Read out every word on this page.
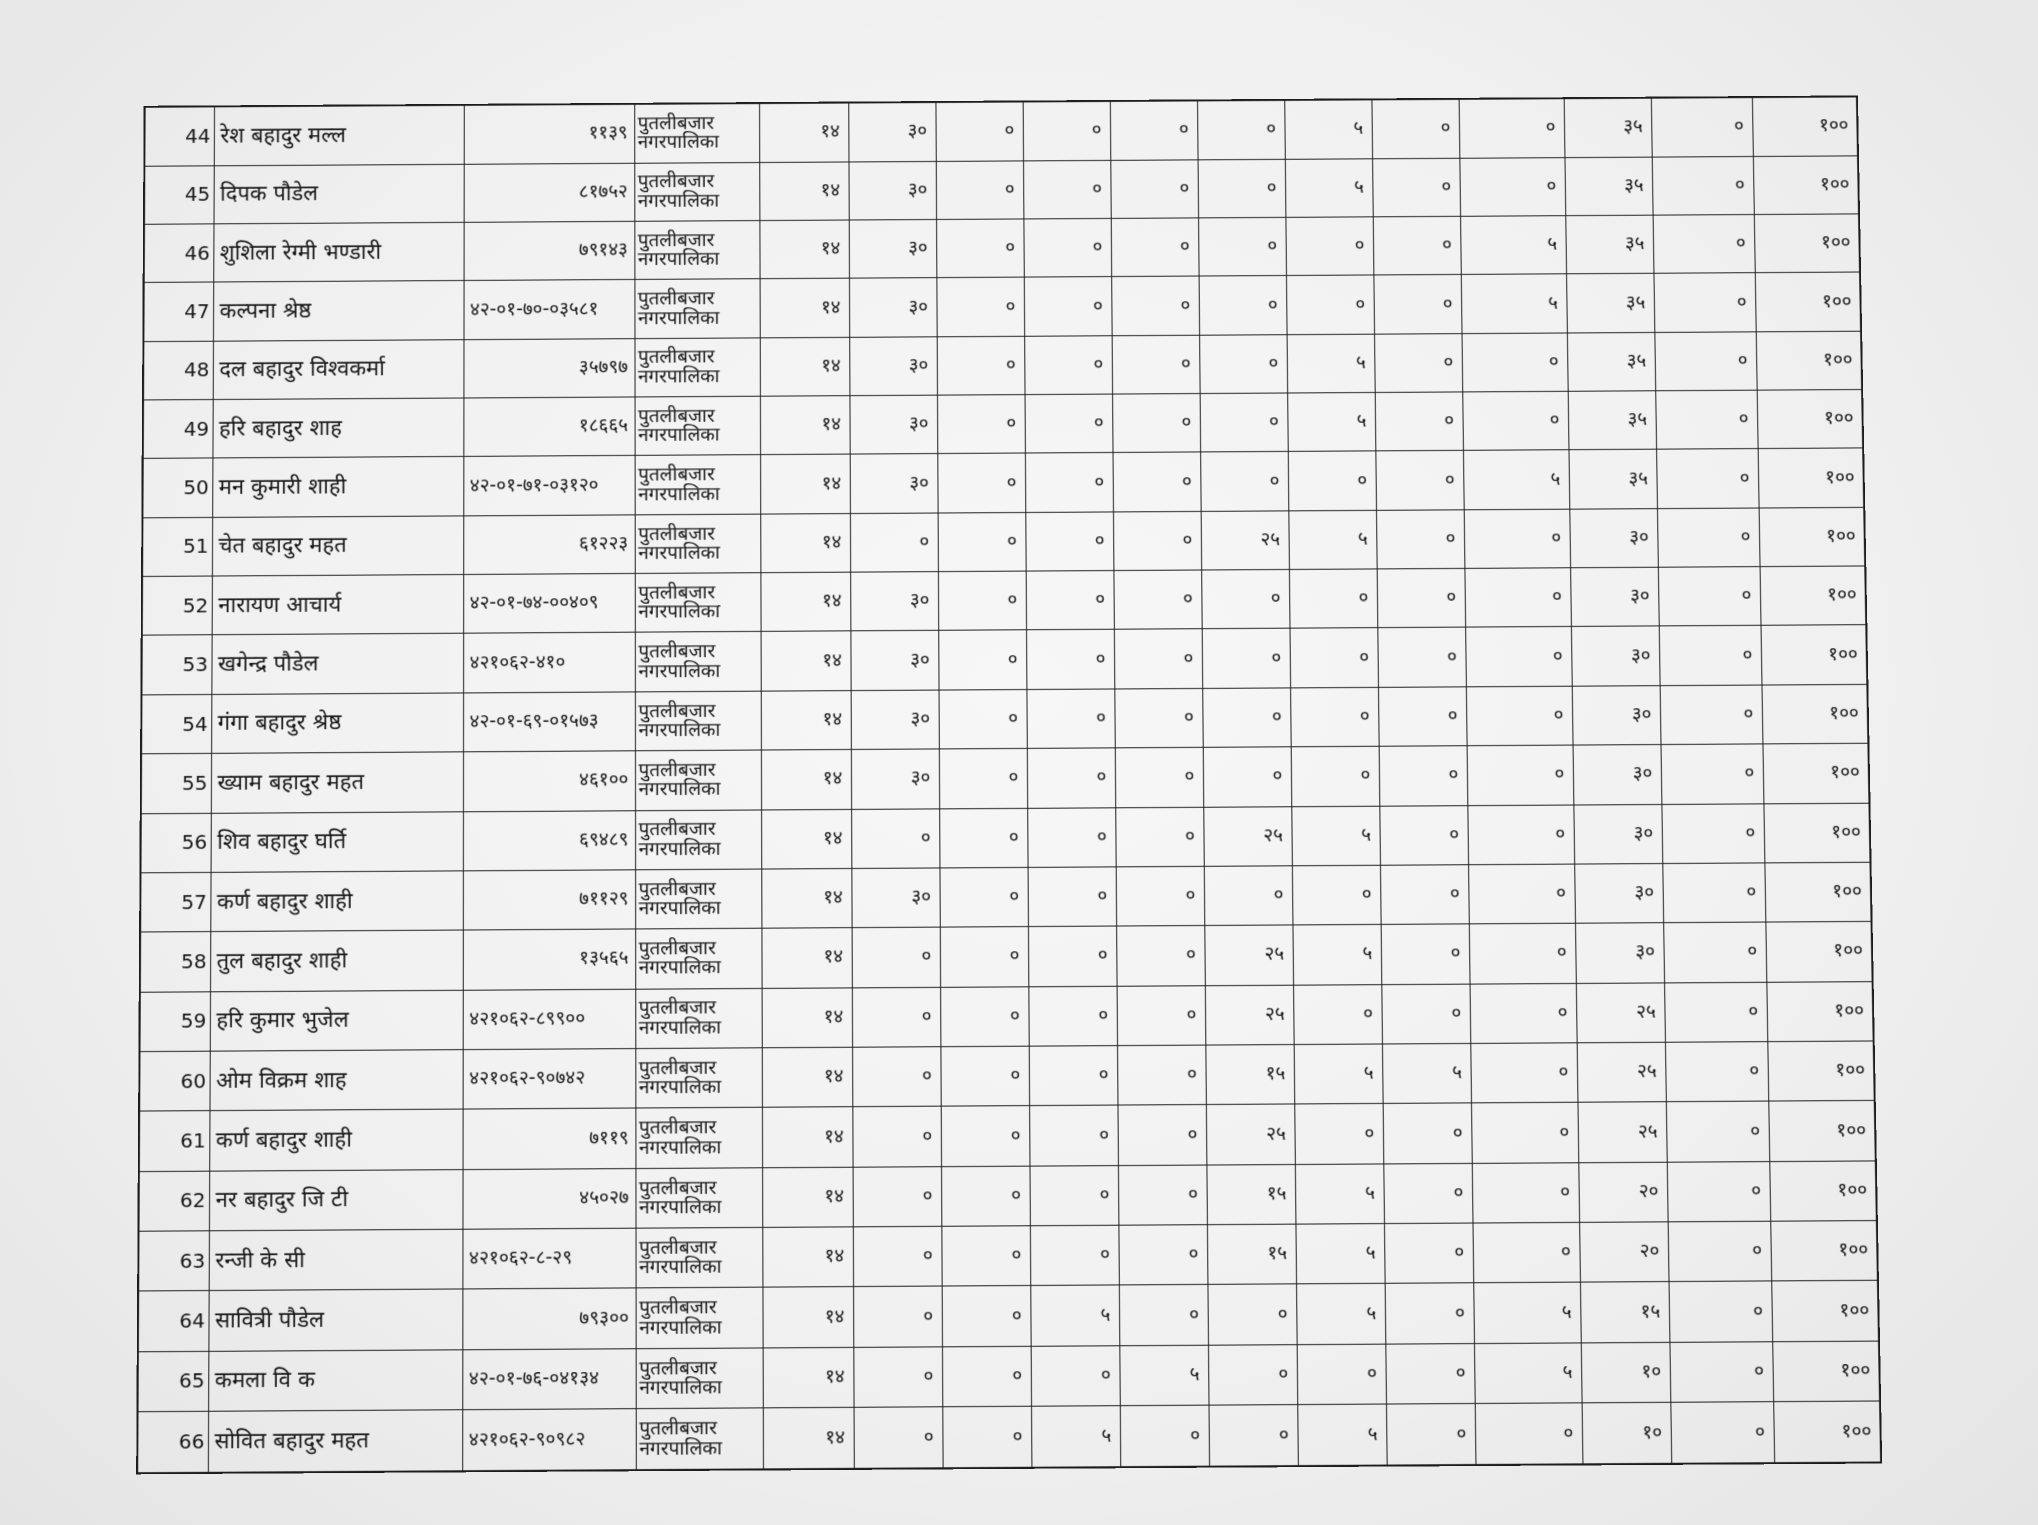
44	रेश बहादुर मल्ल	११३९	पुतलीबजार
नगरपालिका	१४	३०	०	०	०	०	५	०	०	३५	०	१००
45	दिपक पौडेल	८१७५२	पुतलीबजार
नगरपालिका	१४	३०	०	०	०	०	५	०	०	३५	०	१००
46	शुशिला रेग्मी भण्डारी	७९१४३	पुतलीबजार
नगरपालिका	१४	३०	०	०	०	०	०	०	५	३५	०	१००
47	कल्पना श्रेष्ठ	४२-०१-७०-०३५८१	पुतलीबजार
नगरपालिका	१४	३०	०	०	०	०	०	०	५	३५	०	१००
48	दल बहादुर विश्वकर्मा	३५७९७	पुतलीबजार
नगरपालिका	१४	३०	०	०	०	०	५	०	०	३५	०	१००
49	हरि बहादुर शाह	१८६६५	पुतलीबजार
नगरपालिका	१४	३०	०	०	०	०	५	०	०	३५	०	१००
50	मन कुमारी शाही	४२-०१-७१-०३१२०	पुतलीबजार
नगरपालिका	१४	३०	०	०	०	०	०	०	५	३५	०	१००
51	चेत बहादुर महत	६१२२३	पुतलीबजार
नगरपालिका	१४	०	०	०	०	२५	५	०	०	३०	०	१००
52	नारायण आचार्य	४२-०१-७४-००४०९	पुतलीबजार
नगरपालिका	१४	३०	०	०	०	०	०	०	०	३०	०	१००
53	खगेन्द्र पौडेल	४२१०६२-४१०	पुतलीबजार
नगरपालिका	१४	३०	०	०	०	०	०	०	०	३०	०	१००
54	गंगा बहादुर श्रेष्ठ	४२-०१-६९-०१५७३	पुतलीबजार
नगरपालिका	१४	३०	०	०	०	०	०	०	०	३०	०	१००
55	ख्याम बहादुर महत	४६१००	पुतलीबजार
नगरपालिका	१४	३०	०	०	०	०	०	०	०	३०	०	१००
56	शिव बहादुर घर्ति	६९४८९	पुतलीबजार
नगरपालिका	१४	०	०	०	०	२५	५	०	०	३०	०	१००
57	कर्ण बहादुर शाही	७११२९	पुतलीबजार
नगरपालिका	१४	३०	०	०	०	०	०	०	०	३०	०	१००
58	तुल बहादुर शाही	१३५६५	पुतलीबजार
नगरपालिका	१४	०	०	०	०	२५	५	०	०	३०	०	१००
59	हरि कुमार भुजेल	४२१०६२-८९९००	पुतलीबजार
नगरपालिका	१४	०	०	०	०	२५	०	०	०	२५	०	१००
60	ओम विक्रम शाह	४२१०६२-९०७४२	पुतलीबजार
नगरपालिका	१४	०	०	०	०	१५	५	५	०	२५	०	१००
61	कर्ण बहादुर शाही	७११९	पुतलीबजार
नगरपालिका	१४	०	०	०	०	२५	०	०	०	२५	०	१००
62	नर बहादुर जि टी	४५०२७	पुतलीबजार
नगरपालिका	१४	०	०	०	०	१५	५	०	०	२०	०	१००
63	रन्जी के सी	४२१०६२-८-२९	पुतलीबजार
नगरपालिका	१४	०	०	०	०	१५	५	०	०	२०	०	१००
64	सावित्री पौडेल	७९३००	पुतलीबजार
नगरपालिका	१४	०	०	५	०	०	५	०	५	१५	०	१००
65	कमला वि क	४२-०१-७६-०४१३४	पुतलीबजार
नगरपालिका	१४	०	०	०	५	०	०	०	५	१०	०	१००
66	सोवित बहादुर महत	४२१०६२-९०९८२	पुतलीबजार
नगरपालिका	१४	०	०	५	०	०	५	०	०	१०	०	१००
